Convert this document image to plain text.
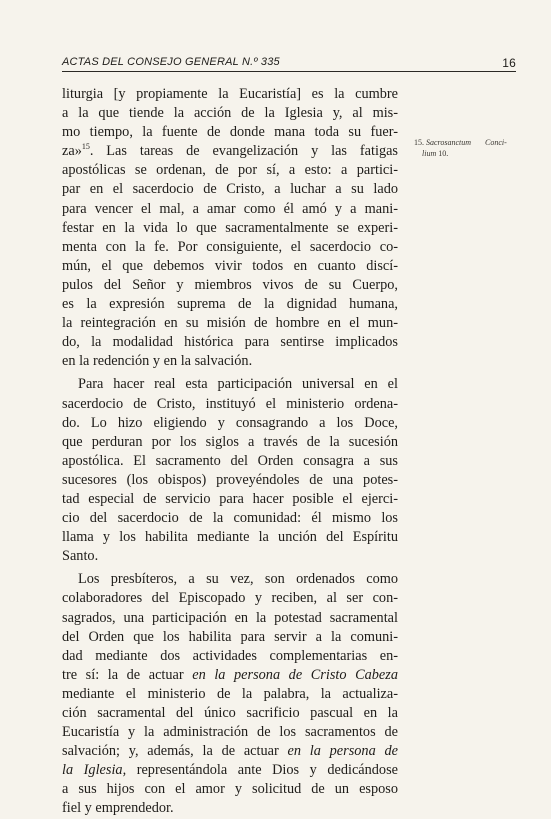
ACTAS DEL CONSEJO GENERAL N.º 335	16

liturgia [y propiamente la Eucaristía] es la cumbre
a la que tiende la acción de la Iglesia y, al mis-
mo tiempo, la fuente de donde mana toda su fuer-
za»$^{15}$. Las tareas de evangelización y las fatigas
apostólicas se ordenan, de por sí, a esto: a partici-
par en el sacerdocio de Cristo, a luchar a su lado
para vencer el mal, a amar como él amó y a mani-
festar en la vida lo que sacramentalmente se experi-
menta con la fe. Por consiguiente, el sacerdocio co-
mún, el que debemos vivir todos en cuanto discí-
pulos del Señor y miembros vivos de su Cuerpo,
es la expresión suprema de la dignidad humana,
la reintegración en su misión de hombre en el mun-
do, la modalidad histórica para sentirse implicados
en la redención y en la salvación.

Para hacer real esta participación universal en el
sacerdocio de Cristo, instituyó el ministerio ordena-
do. Lo hizo eligiendo y consagrando a los Doce,
que perduran por los siglos a través de la sucesión
apostólica. El sacramento del Orden consagra a sus
sucesores (los obispos) proveyéndoles de una potes-
tad especial de servicio para hacer posible el ejerci-
cio del sacerdocio de la comunidad: él mismo los
llama y los habilita mediante la unción del Espíritu
Santo.

Los presbíteros, a su vez, son ordenados como
colaboradores del Episcopado y reciben, al ser con-
sagrados, una participación en la potestad sacramental
del Orden que los habilita para servir a la comuni-
dad mediante dos actividades complementarias en-
tre sí: la de actuar en la persona de Cristo Cabeza
mediante el ministerio de la palabra, la actualiza-
ción sacramental del único sacrificio pascual en la
Eucaristía y la administración de los sacramentos de
salvación; y, además, la de actuar en la persona de
la Iglesia, representándola ante Dios y dedicándose
a sus hijos con el amor y solicitud de un esposo
fiel y emprendedor.

15. Sacrosanctum Conci-
lium 10.
